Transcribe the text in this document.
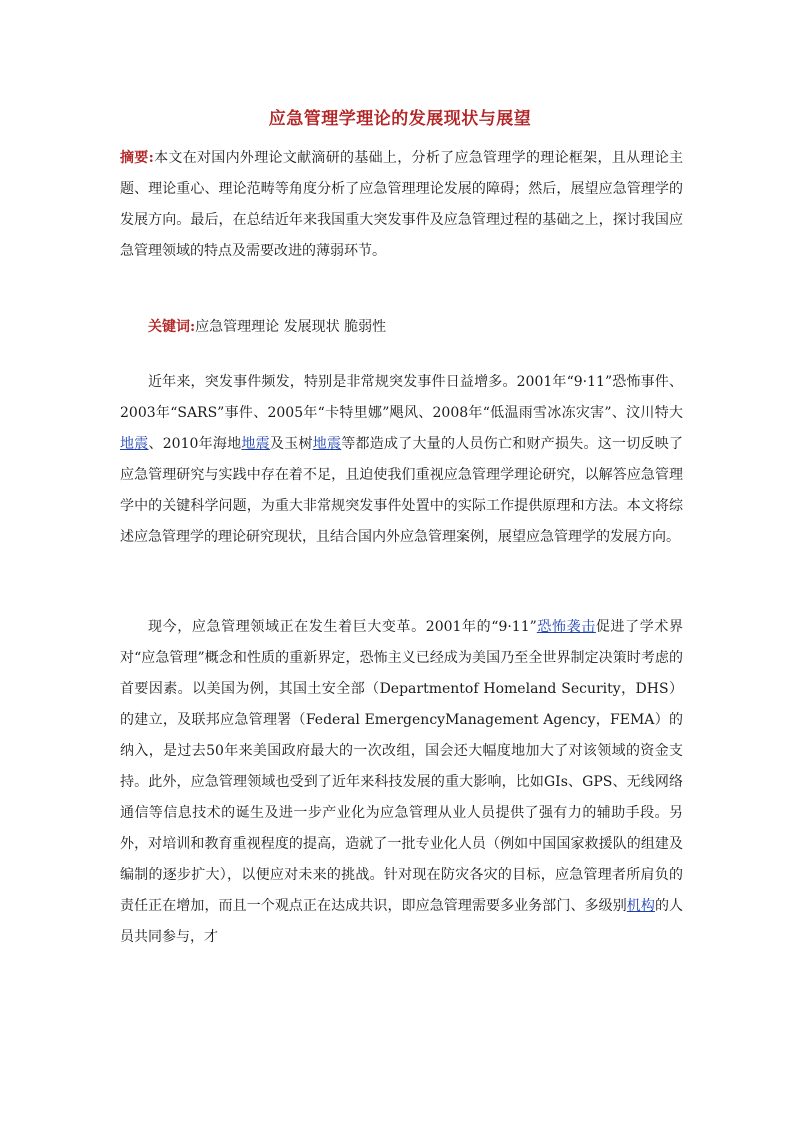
应急管理学理论的发展现状与展望

摘要:本文在对国内外理论文献滴研的基础上，分析了应急管理学的理论框架，且从理论主题、理论重心、理论范畴等角度分析了应急管理理论发展的障碍；然后，展望应急管理学的发展方向。最后，在总结近年来我国重大突发事件及应急管理过程的基础之上，探讨我国应急管理领域的特点及需要改进的薄弱环节。

关键词:应急管理理论 发展现状 脆弱性

近年来，突发事件频发，特别是非常规突发事件日益增多。2001年“9·11”恐怖事件、2003年“SARS”事件、2005年“卡特里娜”飓风、2008年“低温雨雪冰冻灾害”、汶川特大地震、2010年海地地震及玉树地震等都造成了大量的人员伤亡和财产损失。这一切反映了应急管理研究与实践中存在着不足，且迫使我们重视应急管理学理论研究，以解答应急管理学中的关键科学问题，为重大非常规突发事件处置中的实际工作提供原理和方法。本文将综述应急管理学的理论研究现状，且结合国内外应急管理案例，展望应急管理学的发展方向。

现今，应急管理领域正在发生着巨大变革。2001年的“9·11”恐怖袭击促进了学术界对“应急管理”概念和性质的重新界定，恐怖主义已经成为美国乃至全世界制定决策时考虑的首要因素。以美国为例，其国土安全部（Departmentof Homeland Security，DHS）的建立，及联邦应急管理署（Federal EmergencyManagement Agency，FEMA）的纳入，是过去50年来美国政府最大的一次改组，国会还大幅度地加大了对该领域的资金支持。此外，应急管理领域也受到了近年来科技发展的重大影响，比如GIs、GPS、无线网络通信等信息技术的诞生及进一步产业化为应急管理从业人员提供了强有力的辅助手段。另外，对培训和教育重视程度的提高，造就了一批专业化人员（例如中国国家救援队的组建及编制的逐步扩大），以便应对未来的挑战。针对现在防灾各灾的目标，应急管理者所肩负的责任正在增加，而且一个观点正在达成共识，即应急管理需要多业务部门、多级别机构的人员共同参与，才
